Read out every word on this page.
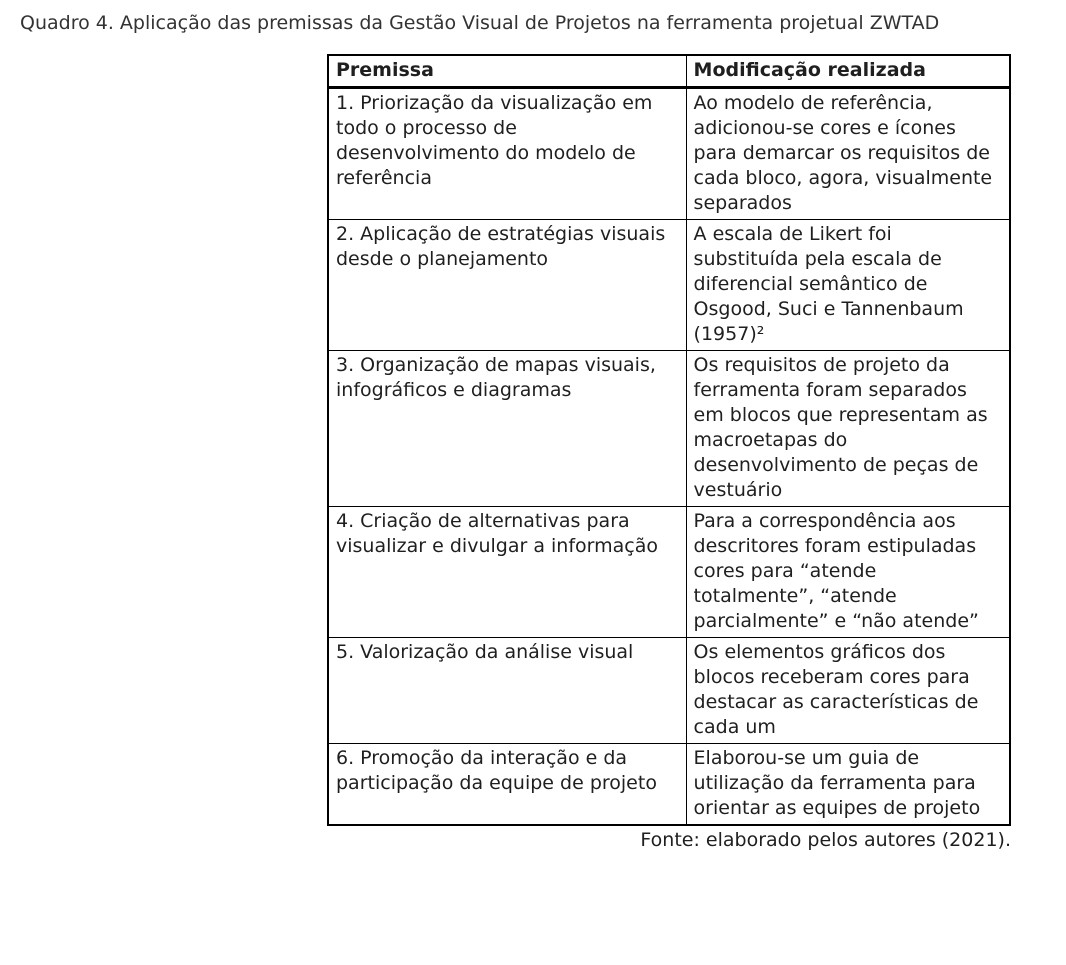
Quadro 4. Aplicação das premissas da Gestão Visual de Projetos na ferramenta projetual ZWTAD
Premissa	Modificação realizada
1. Priorização da visualização em todo o processo de desenvolvimento do modelo de referência	Ao modelo de referência, adicionou-se cores e ícones para demarcar os requisitos de cada bloco, agora, visualmente separados
2. Aplicação de estratégias visuais desde o planejamento	A escala de Likert foi substituída pela escala de diferencial semântico de Osgood, Suci e Tannenbaum (1957)²
3. Organização de mapas visuais, infográficos e diagramas	Os requisitos de projeto da ferramenta foram separados em blocos que representam as macroetapas do desenvolvimento de peças de vestuário
4. Criação de alternativas para visualizar e divulgar a informação	Para a correspondência aos descritores foram estipuladas cores para “atende totalmente”, “atende parcialmente” e “não atende”
5. Valorização da análise visual	Os elementos gráficos dos blocos receberam cores para destacar as características de cada um
6. Promoção da interação e da participação da equipe de projeto	Elaborou-se um guia de utilização da ferramenta para orientar as equipes de projeto
Fonte: elaborado pelos autores (2021).
